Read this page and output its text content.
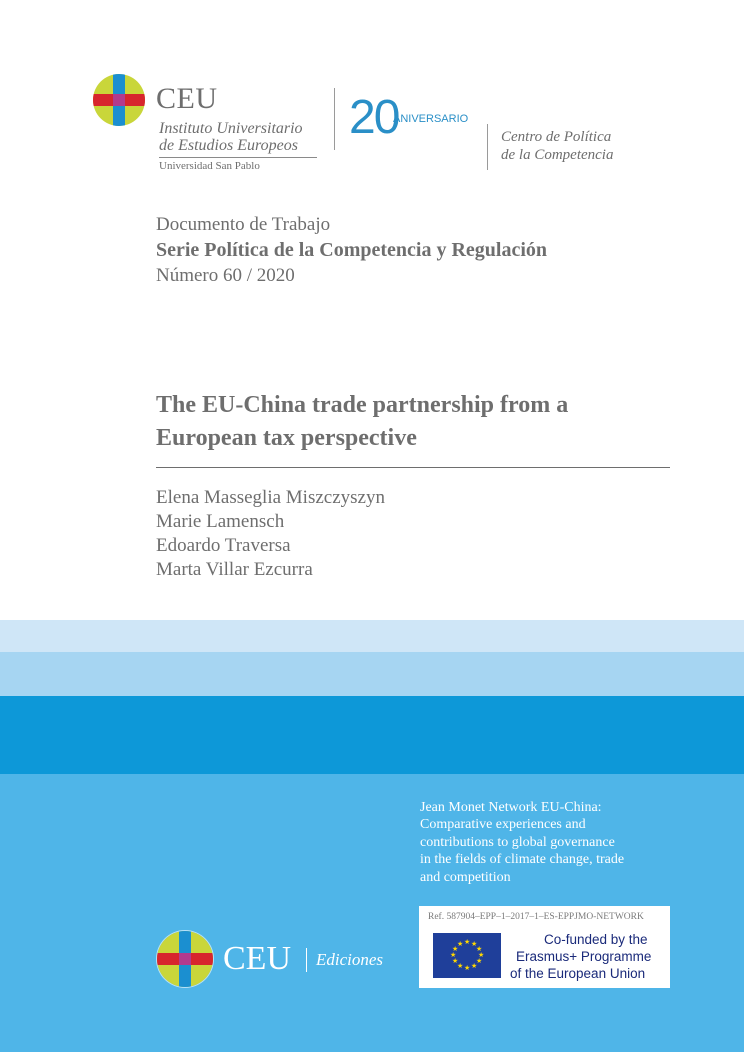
CEU
Instituto Universitario
de Estudios Europeos
Universidad San Pablo
20
ANIVERSARIO
Centro de Política
de la Competencia
Documento de Trabajo
Serie Política de la Competencia y Regulación
Número 60 / 2020
The EU-China trade partnership from a
European tax perspective
Elena Masseglia Miszczyszyn
Marie Lamensch
Edoardo Traversa
Marta Villar Ezcurra
Jean Monet Network EU-China:
Comparative experiences and
contributions to global governance
in the fields of climate change, trade
and competition
Ref. 587904–EPP–1–2017–1–ES-EPPJMO-NETWORK
★ ★
★
★
★
★
★
★
★
★
★
★	Co-funded by the
Erasmus+ Programme
of the European Union
CEU Ediciones
